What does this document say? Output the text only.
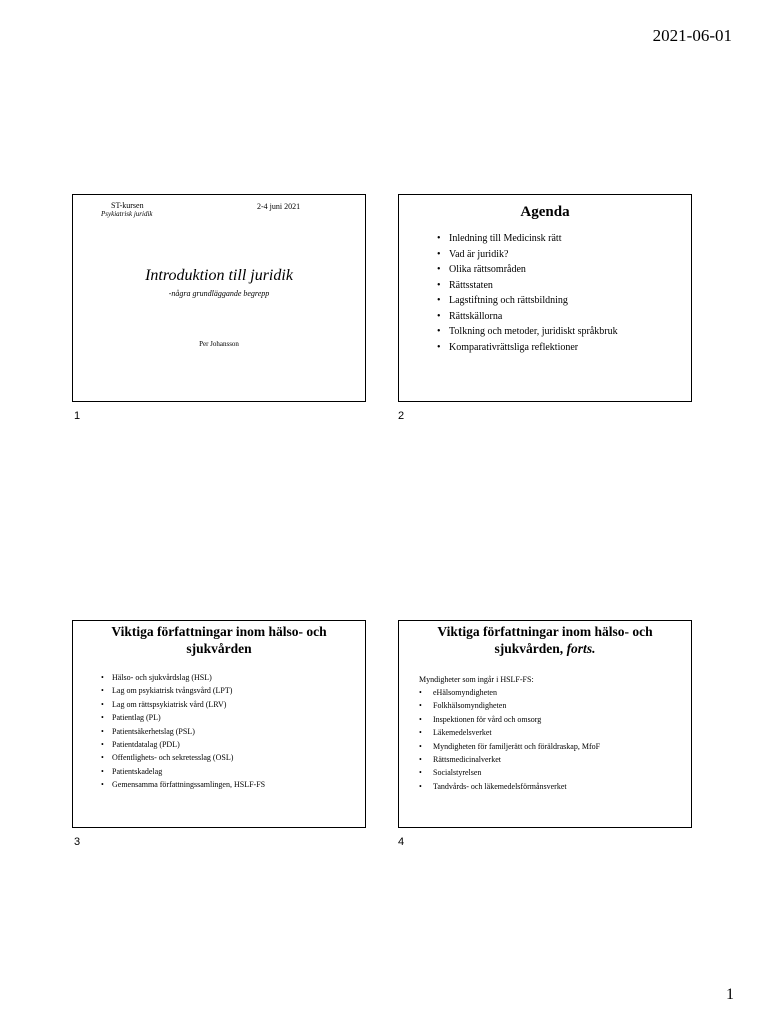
2021-06-01
ST-kursen
Psykiatrisk juridik
2-4 juni 2021
Introduktion till juridik
-några grundläggande begrepp
Per Johansson
1
Agenda
• Inledning till Medicinsk rätt
• Vad är juridik?
• Olika rättsområden
• Rättsstaten
• Lagstiftning och rättsbildning
• Rättskällorna
• Tolkning och metoder, juridiskt språkbruk
• Komparativrättsliga reflektioner
2
Viktiga författningar inom hälso- och sjukvården
• Hälso- och sjukvårdslag (HSL)
• Lag om psykiatrisk tvångsvård (LPT)
• Lag om rättspsykiatrisk vård (LRV)
• Patientlag (PL)
• Patientsäkerhetslag (PSL)
• Patientdatalag (PDL)
• Offentlighets- och sekretesslag (OSL)
• Patientskadelag
• Gemensamma författningssamlingen, HSLF-FS
3
Viktiga författningar inom hälso- och sjukvården, forts.
Myndigheter som ingår i HSLF-FS:
• eHälsomyndigheten
• Folkhälsomyndigheten
• Inspektionen för vård och omsorg
• Läkemedelsverket
• Myndigheten för familjerätt och föräldraskap, MfoF
• Rättsmedicinalverket
• Socialstyrelsen
• Tandvårds- och läkemedelsförmånsverket
4
1
